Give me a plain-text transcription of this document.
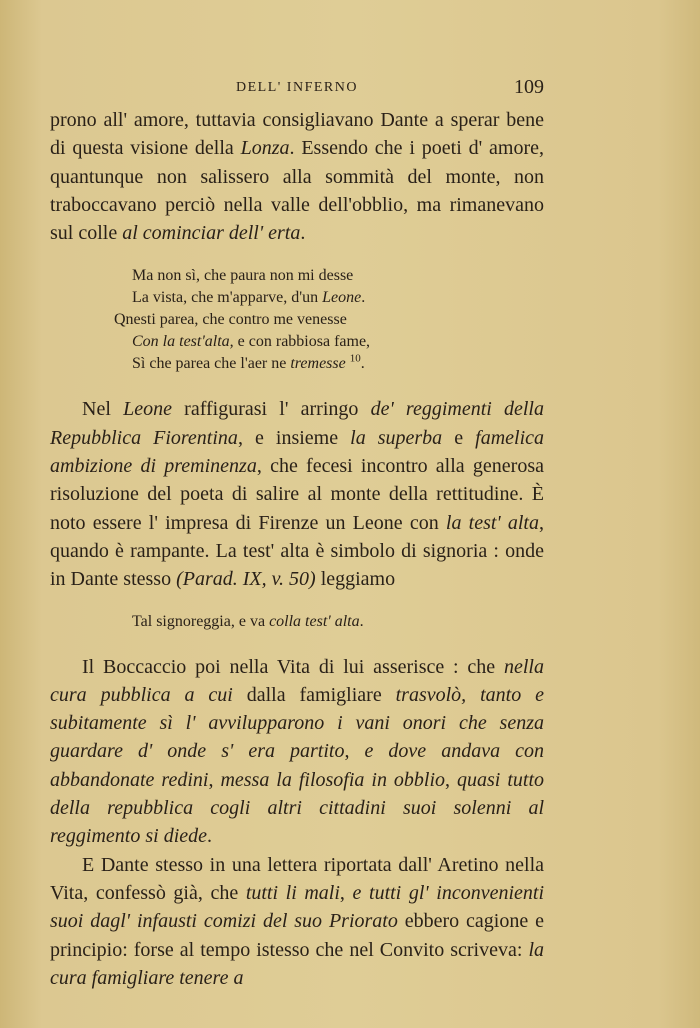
DELL' INFERNO	109

prono all' amore, tuttavia consigliavano Dante a sperar bene di questa visione della Lonza. Essendo che i poeti d' amore, quantunque non salissero alla sommità del monte, non traboccavano perciò nella valle dell'obblio, ma rimanevano sul colle al cominciar dell' erta.

Ma non sì, che paura non mi desse
La vista, che m'apparve, d'un Leone.
Qnesti parea, che contro me venesse
Con la test'alta, e con rabbiosa fame,
Sì che parea che l'aer ne tremesse $^{10}$.

Nel Leone raffigurasi l' arringo de' reggimenti della Repubblica Fiorentina, e insieme la superba e famelica ambizione di preminenza, che fecesi incontro alla generosa risoluzione del poeta di salire al monte della rettitudine. È noto essere l' impresa di Firenze un Leone con la test' alta, quando è rampante. La test' alta è simbolo di signoria : onde in Dante stesso (Parad. IX, v. 50) leggiamo

Tal signoreggia, e va colla test' alta.

Il Boccaccio poi nella Vita di lui asserisce : che nella cura pubblica a cui dalla famigliare trasvolò, tanto e subitamente sì l' avvilupparono i vani onori che senza guardare d' onde s' era partito, e dove andava con abbandonate redini, messa la filosofia in obblio, quasi tutto della repubblica cogli altri cittadini suoi solenni al reggimento si diede.

E Dante stesso in una lettera riportata dall' Aretino nella Vita, confessò già, che tutti li mali, e tutti gl' inconvenienti suoi dagl' infausti comizi del suo Priorato ebbero cagione e principio: forse al tempo istesso che nel Convito scriveva: la cura famigliare tenere a
